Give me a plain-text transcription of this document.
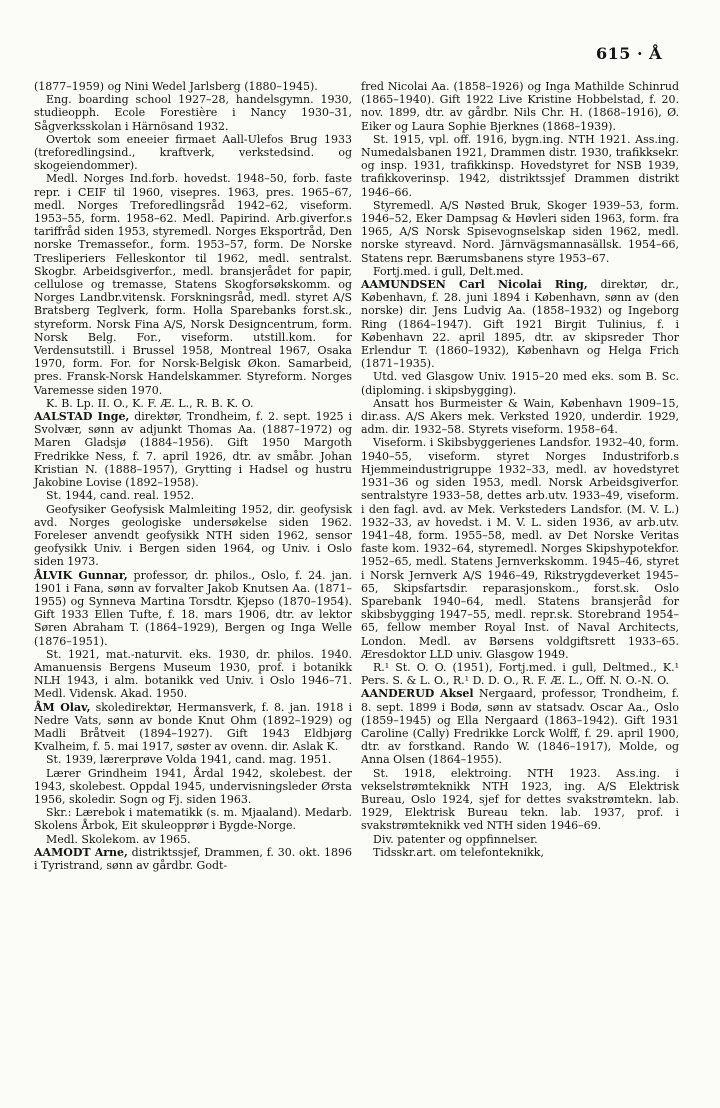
615 · Å

(1877–1959) og Nini Wedel Jarlsberg (1880–1945).

Eng. boarding school 1927–28, handelsgymn. 1930, studieopph. Ecole Forestière i Nancy 1930–31, Sågverksskolan i Härnösand 1932.

Overtok som eneeier firmaet Aall-Ulefos Brug 1933 (treforedlingsind., kraftverk, verkstedsind. og skogeiendommer).

Medl. Norges Ind.forb. hovedst. 1948–50, forb. faste repr. i CEIF til 1960, visepres. 1963, pres. 1965–67, medl. Norges Treforedlingsråd 1942–62, viseform. 1953–55, form. 1958–62. Medl. Papirind. Arb.giverfor.s tariffråd siden 1953, styremedl. Norges Eksportråd, Den norske Tremassefor., form. 1953–57, form. De Norske Tresliperiers Felleskontor til 1962, medl. sentralst. Skogbr. Arbeidsgiverfor., medl. bransjerådet for papir, cellulose og tremasse, Statens Skogforsøkskomm. og Norges Landbr.vitensk. Forskningsråd, medl. styret A/S Bratsberg Teglverk, form. Holla Sparebanks forst.sk., styreform. Norsk Fina A/S, Norsk Designcentrum, form. Norsk Belg. For., viseform. utstill.kom. for Verdensutstill. i Brussel 1958, Montreal 1967, Osaka 1970, form. For. for Norsk-Belgisk Økon. Samarbeid, pres. Fransk-Norsk Handelskammer. Styreform. Norges Varemesse siden 1970.

K. B. Lp. II. O., K. F. Æ. L., R. B. K. O.

AALSTAD Inge, direktør, Trondheim, f. 2. sept. 1925 i Svolvær, sønn av adjunkt Thomas Aa. (1887–1972) og Maren Gladsjø (1884–1956). Gift 1950 Margoth Fredrikke Ness, f. 7. april 1926, dtr. av småbr. Johan Kristian N. (1888–1957), Grytting i Hadsel og hustru Jakobine Lovise (1892–1958).

St. 1944, cand. real. 1952.

Geofysiker Geofysisk Malmleiting 1952, dir. geofysisk avd. Norges geologiske undersøkelse siden 1962. Foreleser anvendt geofysikk NTH siden 1962, sensor geofysikk Univ. i Bergen siden 1964, og Univ. i Oslo siden 1973.

ÅLVIK Gunnar, professor, dr. philos., Oslo, f. 24. jan. 1901 i Fana, sønn av forvalter Jakob Knutsen Aa. (1871–1955) og Synneva Martina Torsdtr. Kjepso (1870–1954). Gift 1933 Ellen Tufte, f. 18. mars 1906, dtr. av lektor Søren Abraham T. (1864–1929), Bergen og Inga Welle (1876–1951).

St. 1921, mat.-naturvit. eks. 1930, dr. philos. 1940. Amanuensis Bergens Museum 1930, prof. i botanikk NLH 1943, i alm. botanikk ved Univ. i Oslo 1946–71. Medl. Vidensk. Akad. 1950.

ÅM Olav, skoledirektør, Hermansverk, f. 8. jan. 1918 i Nedre Vats, sønn av bonde Knut Ohm (1892–1929) og Madli Bråtveit (1894–1927). Gift 1943 Eldbjørg Kvalheim, f. 5. mai 1917, søster av ovenn. dir. Aslak K.

St. 1939, lærerprøve Volda 1941, cand. mag. 1951.

Lærer Grindheim 1941, Årdal 1942, skolebest. der 1943, skolebest. Oppdal 1945, undervisningsleder Ørsta 1956, skoledir. Sogn og Fj. siden 1963.

Skr.: Lærebok i matematikk (s. m. Mjaaland). Medarb. Skolens Årbok, Eit skuleopprør i Bygde-Norge.

Medl. Skolekom. av 1965.

AAMODT Arne, distriktssjef, Drammen, f. 30. okt. 1896 i Tyristrand, sønn av gårdbr. Godt-

fred Nicolai Aa. (1858–1926) og Inga Mathilde Schinrud (1865–1940). Gift 1922 Live Kristine Hobbelstad, f. 20. nov. 1899, dtr. av gårdbr. Nils Chr. H. (1868–1916), Ø. Eiker og Laura Sophie Bjerknes (1868–1939).

St. 1915, vpl. off. 1916, bygn.ing. NTH 1921. Ass.ing. Numedalsbanen 1921, Drammen distr. 1930, trafikksekr. og insp. 1931, trafikkinsp. Hovedstyret for NSB 1939, trafikkoverinsp. 1942, distriktssjef Drammen distrikt 1946–66.

Styremedl. A/S Nøsted Bruk, Skoger 1939–53, form. 1946–52, Eker Dampsag & Høvleri siden 1963, form. fra 1965, A/S Norsk Spisevognselskap siden 1962, medl. norske styreavd. Nord. Järnvägsmannasällsk. 1954–66, Statens repr. Bærumsbanens styre 1953–67.

Fortj.med. i gull, Delt.med.

AAMUNDSEN Carl Nicolai Ring, direktør, dr., København, f. 28. juni 1894 i København, sønn av (den norske) dir. Jens Ludvig Aa. (1858–1932) og Ingeborg Ring (1864–1947). Gift 1921 Birgit Tulinius, f. i København 22. april 1895, dtr. av skipsreder Thor Erlendur T. (1860–1932), København og Helga Frich (1871–1935).

Utd. ved Glasgow Univ. 1915–20 med eks. som B. Sc. (diploming. i skipsbygging).

Ansatt hos Burmeister & Wain, København 1909–15, dir.ass. A/S Akers mek. Verksted 1920, underdir. 1929, adm. dir. 1932–58. Styrets viseform. 1958–64.

Viseform. i Skibsbyggerienes Landsfor. 1932–40, form. 1940–55, viseform. styret Norges Industriforb.s Hjemmeindustrigruppe 1932–33, medl. av hovedstyret 1931–36 og siden 1953, medl. Norsk Arbeidsgiverfor. sentralstyre 1933–58, dettes arb.utv. 1933–49, viseform. i den fagl. avd. av Mek. Verksteders Landsfor. (M. V. L.) 1932–33, av hovedst. i M. V. L. siden 1936, av arb.utv. 1941–48, form. 1955–58, medl. av Det Norske Veritas faste kom. 1932–64, styremedl. Norges Skipshypotekfor. 1952–65, medl. Statens Jernverkskomm. 1945–46, styret i Norsk Jernverk A/S 1946–49, Rikstrygdeverket 1945–65, Skipsfartsdir. reparasjonskom., forst.sk. Oslo Sparebank 1940–64, medl. Statens bransjeråd for skibsbygging 1947–55, medl. repr.sk. Storebrand 1954–65, fellow member Royal Inst. of Naval Architects, London. Medl. av Børsens voldgiftsrett 1933–65. Æresdoktor LLD univ. Glasgow 1949.

R.¹ St. O. O. (1951), Fortj.med. i gull, Deltmed., K.¹ Pers. S. & L. O., R.¹ D. D. O., R. F. Æ. L., Off. N. O.-N. O.

AANDERUD Aksel Nergaard, professor, Trondheim, f. 8. sept. 1899 i Bodø, sønn av statsadv. Oscar Aa., Oslo (1859–1945) og Ella Nergaard (1863–1942). Gift 1931 Caroline (Cally) Fredrikke Lorck Wolff, f. 29. april 1900, dtr. av forstkand. Rando W. (1846–1917), Molde, og Anna Olsen (1864–1955).

St. 1918, elektroing. NTH 1923. Ass.ing. i vekselstrømteknikk NTH 1923, ing. A/S Elektrisk Bureau, Oslo 1924, sjef for dettes svakstrømtekn. lab. 1929, Elektrisk Bureau tekn. lab. 1937, prof. i svakstrømteknikk ved NTH siden 1946–69.

Div. patenter og oppfinnelser.

Tidsskr.art. om telefonteknikk,
